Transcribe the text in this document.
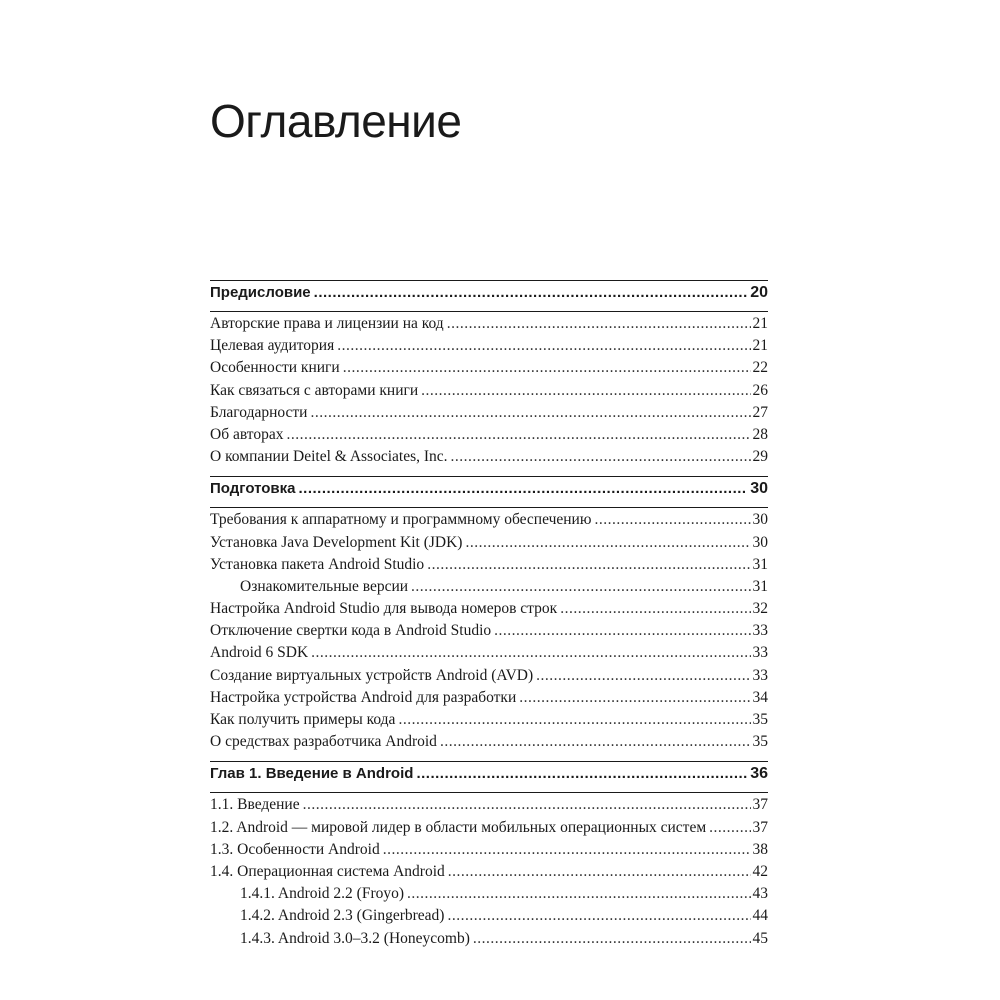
Оглавление
Предисловие .....	20
Авторские права и лицензии на код .....	21
Целевая аудитория .....	21
Особенности книги .....	22
Как связаться с авторами книги .....	26
Благодарности .....	27
Об авторах .....	28
О компании Deitel & Associates, Inc. .....	29
Подготовка .....	30
Требования к аппаратному и программному обеспечению .....	30
Установка Java Development Kit (JDK) .....	30
Установка пакета Android Studio .....	31
Ознакомительные версии .....	31
Настройка Android Studio для вывода номеров строк .....	32
Отключение свертки кода в Android Studio .....	33
Android 6 SDK .....	33
Создание виртуальных устройств Android (AVD) .....	33
Настройка устройства Android для разработки .....	34
Как получить примеры кода .....	35
О средствах разработчика Android .....	35
Глав 1. Введение в Android .....	36
1.1. Введение .....	37
1.2. Android — мировой лидер в области мобильных операционных систем .....	37
1.3. Особенности Android .....	38
1.4. Операционная система Android .....	42
1.4.1. Android 2.2 (Froyo) .....	43
1.4.2. Android 2.3 (Gingerbread) .....	44
1.4.3. Android 3.0–3.2 (Honeycomb) .....	45
